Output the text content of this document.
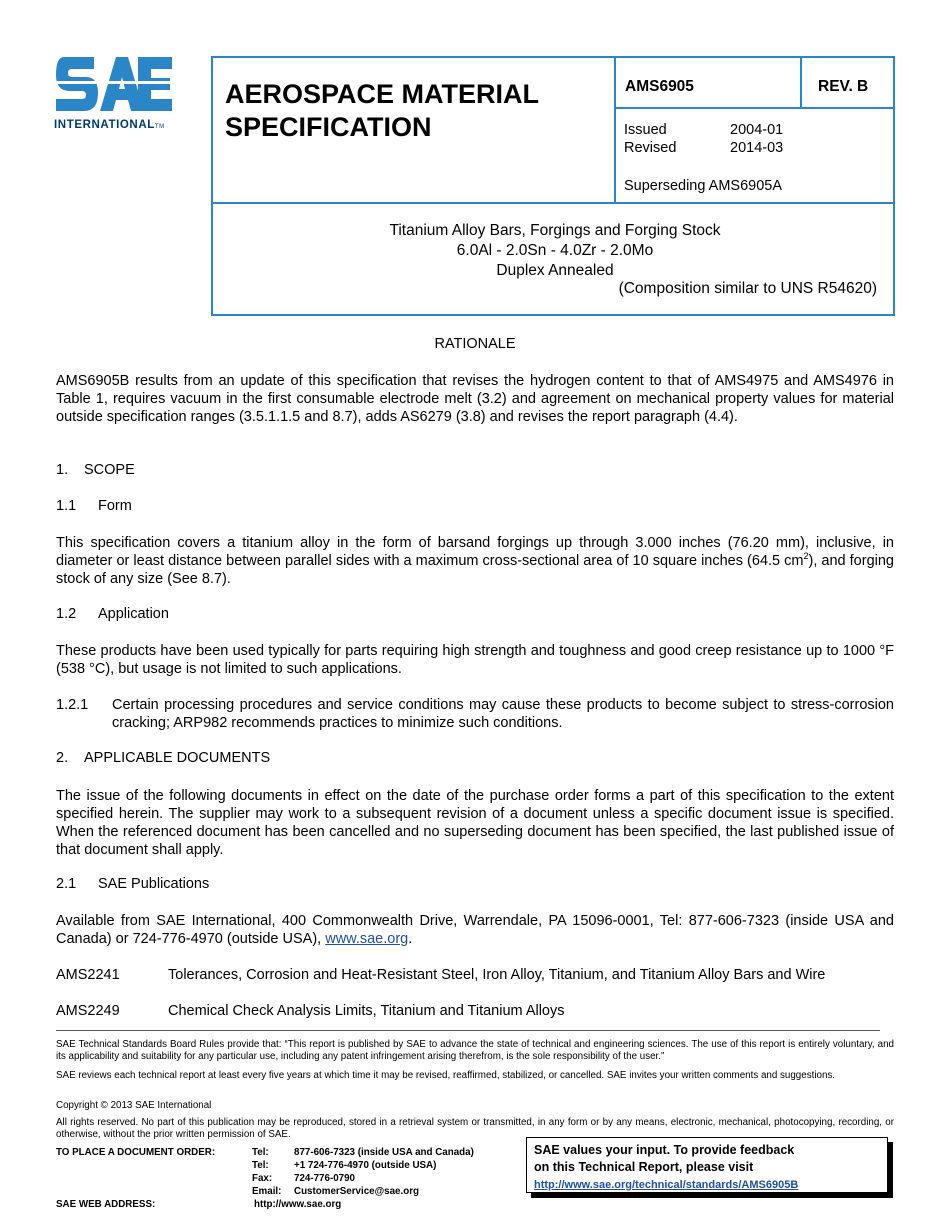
INTERNATIONALTM
AEROSPACE MATERIAL SPECIFICATION
AMS6905	REV. B
Issued	2004-01
Revised	2014-03
Superseding AMS6905A
Titanium Alloy Bars, Forgings and Forging Stock
6.0Al - 2.0Sn - 4.0Zr - 2.0Mo
Duplex Annealed
(Composition similar to UNS R54620)
RATIONALE
AMS6905B results from an update of this specification that revises the hydrogen content to that of AMS4975 and AMS4976 in Table 1, requires vacuum in the first consumable electrode melt (3.2) and agreement on mechanical property values for material outside specification ranges (3.5.1.1.5 and 8.7), adds AS6279 (3.8) and revises the report paragraph (4.4).
1. SCOPE
1.1 Form
This specification covers a titanium alloy in the form of barsand forgings up through 3.000 inches (76.20 mm), inclusive, in diameter or least distance between parallel sides with a maximum cross-sectional area of 10 square inches (64.5 $cm^2$), and forging stock of any size (See 8.7).
1.2 Application
These products have been used typically for parts requiring high strength and toughness and good creep resistance up to 1000 °F (538 °C), but usage is not limited to such applications.
1.2.1 Certain processing procedures and service conditions may cause these products to become subject to stress-corrosion cracking; ARP982 recommends practices to minimize such conditions.
2. APPLICABLE DOCUMENTS
The issue of the following documents in effect on the date of the purchase order forms a part of this specification to the extent specified herein. The supplier may work to a subsequent revision of a document unless a specific document issue is specified. When the referenced document has been cancelled and no superseding document has been specified, the last published issue of that document shall apply.
2.1 SAE Publications
Available from SAE International, 400 Commonwealth Drive, Warrendale, PA 15096-0001, Tel: 877-606-7323 (inside USA and Canada) or 724-776-4970 (outside USA), www.sae.org.
AMS2241	Tolerances, Corrosion and Heat-Resistant Steel, Iron Alloy, Titanium, and Titanium Alloy Bars and Wire
AMS2249	Chemical Check Analysis Limits, Titanium and Titanium Alloys
SAE Technical Standards Board Rules provide that: “This report is published by SAE to advance the state of technical and engineering sciences. The use of this report is entirely voluntary, and its applicability and suitability for any particular use, including any patent infringement arising therefrom, is the sole responsibility of the user.”
SAE reviews each technical report at least every five years at which time it may be revised, reaffirmed, stabilized, or cancelled. SAE invites your written comments and suggestions.
Copyright © 2013 SAE International
All rights reserved. No part of this publication may be reproduced, stored in a retrieval system or transmitted, in any form or by any means, electronic, mechanical, photocopying, recording, or otherwise, without the prior written permission of SAE.
TO PLACE A DOCUMENT ORDER:	Tel:	877-606-7323 (inside USA and Canada)
Tel:	+1 724-776-4970 (outside USA)
Fax: 724-776-0790
Email: CustomerService@sae.org
SAE WEB ADDRESS:	http://www.sae.org
SAE values your input. To provide feedback
on this Technical Report, please visit
http://www.sae.org/technical/standards/AMS6905B
